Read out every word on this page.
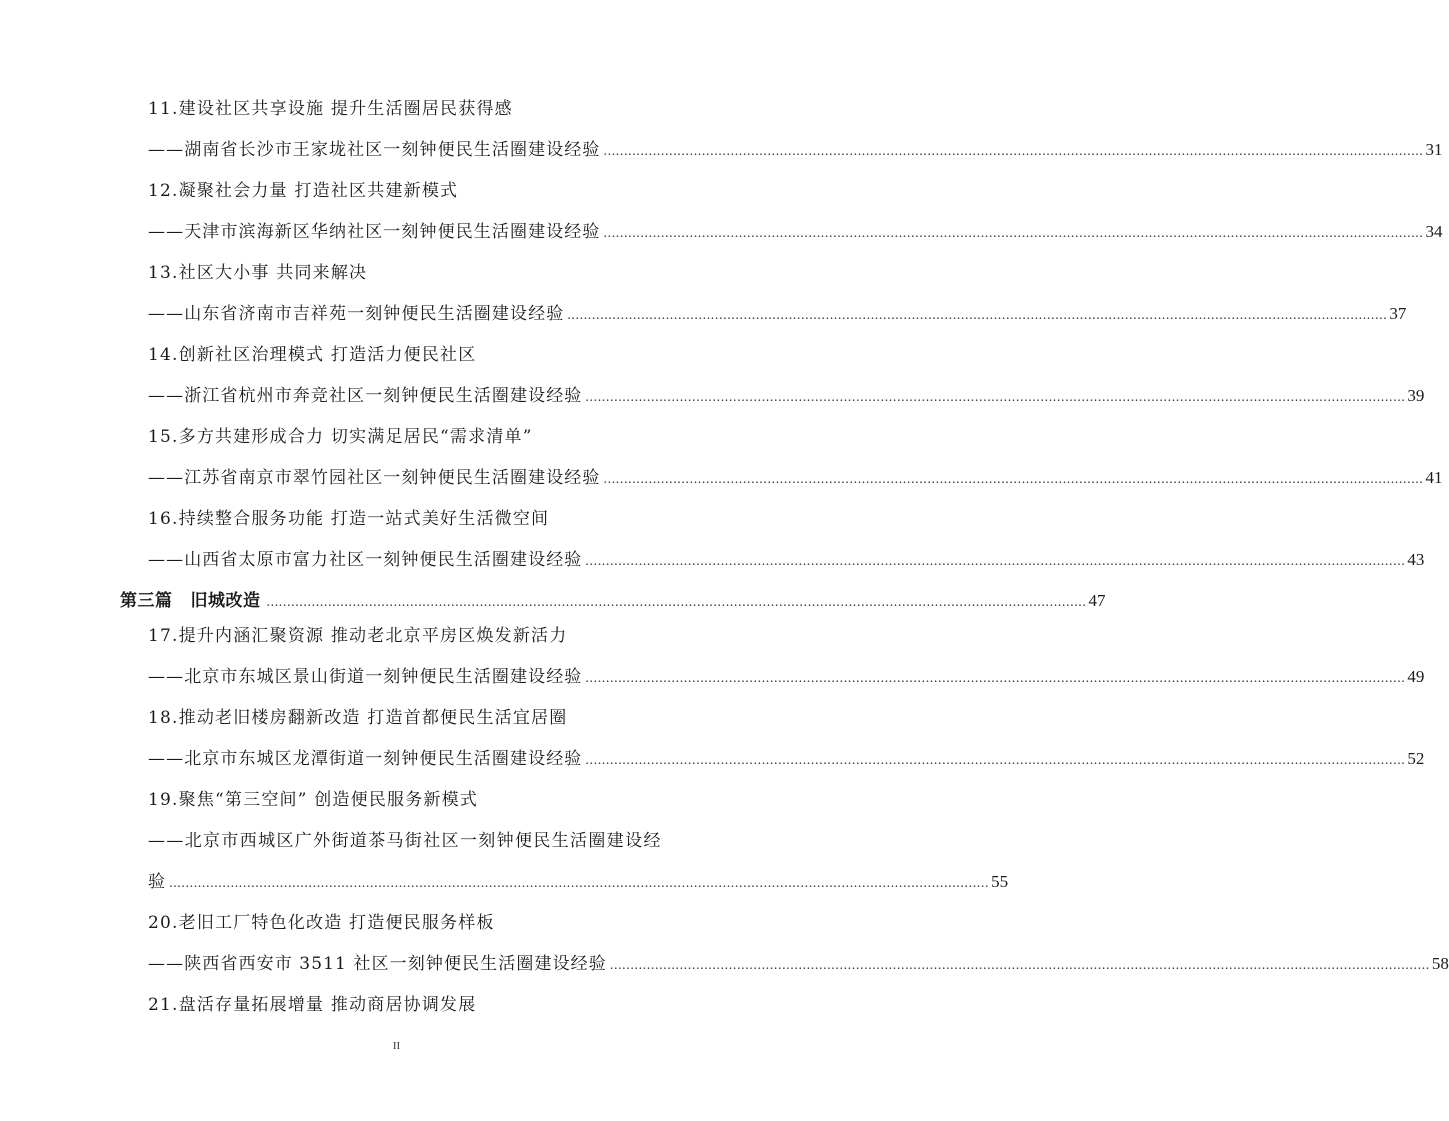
11.建设社区共享设施 提升生活圈居民获得感
——湖南省长沙市王家垅社区一刻钟便民生活圈建设经验 ........................................................................................................................................................................................................ 31
12.凝聚社会力量 打造社区共建新模式
——天津市滨海新区华纳社区一刻钟便民生活圈建设经验 ........................................................................................................................................................................................................ 34
13.社区大小事 共同来解决
——山东省济南市吉祥苑一刻钟便民生活圈建设经验 ........................................................................................................................................................................................................ 37
14.创新社区治理模式 打造活力便民社区
——浙江省杭州市奔竞社区一刻钟便民生活圈建设经验 ........................................................................................................................................................................................................ 39
15.多方共建形成合力 切实满足居民“需求清单”
——江苏省南京市翠竹园社区一刻钟便民生活圈建设经验 ........................................................................................................................................................................................................ 41
16.持续整合服务功能 打造一站式美好生活微空间
——山西省太原市富力社区一刻钟便民生活圈建设经验 ........................................................................................................................................................................................................ 43
第三篇 旧城改造 ........................................................................................................................................................................................................ 47
17.提升内涵汇聚资源 推动老北京平房区焕发新活力
——北京市东城区景山街道一刻钟便民生活圈建设经验 ........................................................................................................................................................................................................ 49
18.推动老旧楼房翻新改造 打造首都便民生活宜居圈
——北京市东城区龙潭街道一刻钟便民生活圈建设经验 ........................................................................................................................................................................................................ 52
19.聚焦“第三空间” 创造便民服务新模式
——北京市西城区广外街道茶马街社区一刻钟便民生活圈建设经
验 ........................................................................................................................................................................................................ 55
20.老旧工厂特色化改造 打造便民服务样板
——陕西省西安市 3511 社区一刻钟便民生活圈建设经验 ........................................................................................................................................................................................................ 58
21.盘活存量拓展增量 推动商居协调发展
II
